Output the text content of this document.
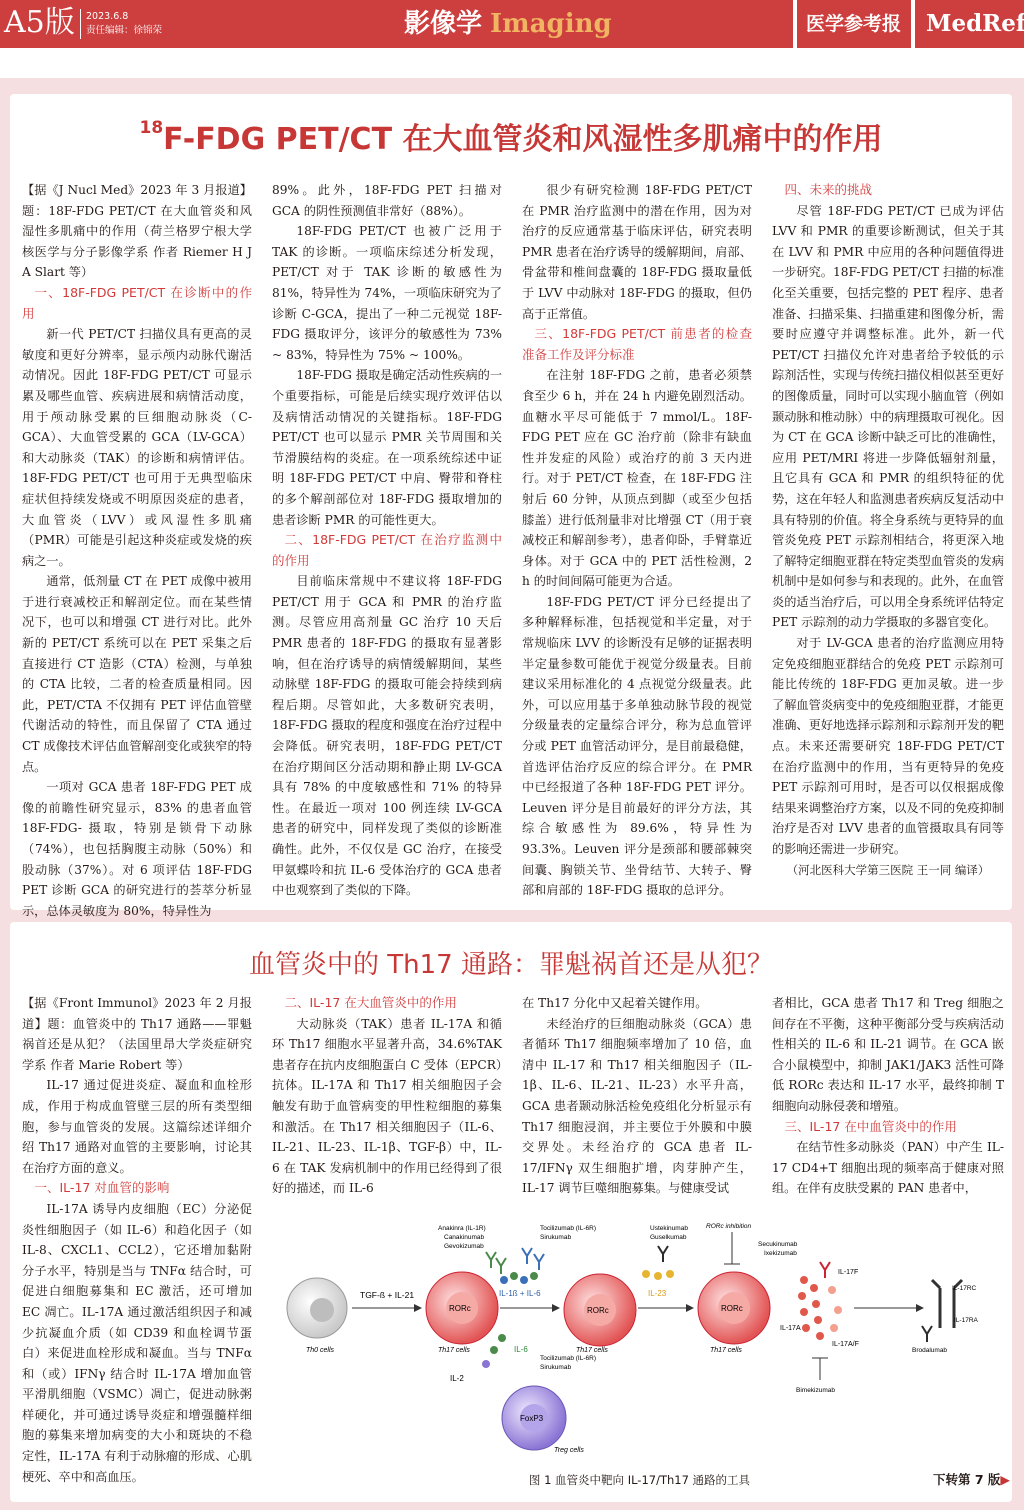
A5版 2023.6.8
责任编辑：徐锦荣	影像学 Imaging	医学参考报 MedRef
$^{18}$F-FDG PET/CT 在大血管炎和风湿性多肌痛中的作用

【据《J Nucl Med》2023 年 3 月报道】题：18F-FDG PET/CT 在大血管炎和风湿性多肌痛中的作用（荷兰格罗宁根大学核医学与分子影像学系 作者 Riemer H J A Slart 等）

一、18F-FDG PET/CT 在诊断中的作用

新一代 PET/CT 扫描仪具有更高的灵敏度和更好分辨率，显示颅内动脉代谢活动情况。因此 18F-FDG PET/CT 可显示累及哪些血管、疾病进展和病情活动度，用于颅动脉受累的巨细胞动脉炎（C-GCA）、大血管受累的 GCA（LV-GCA）和大动脉炎（TAK）的诊断和病情评估。18F-FDG PET/CT 也可用于无典型临床症状但持续发烧或不明原因炎症的患者，大血管炎（LVV）或风湿性多肌痛（PMR）可能是引起这种炎症或发烧的疾病之一。

通常，低剂量 CT 在 PET 成像中被用于进行衰减校正和解剖定位。而在某些情况下，也可以和增强 CT 进行对比。此外新的 PET/CT 系统可以在 PET 采集之后直接进行 CT 造影（CTA）检测，与单独的 CTA 比较，二者的检查质量相同。因此，PET/CTA 不仅拥有 PET 评估血管壁代谢活动的特性，而且保留了 CTA 通过 CT 成像技术评估血管解剖变化或狭窄的特点。

一项对 GCA 患者 18F-FDG PET 成像的前瞻性研究显示，83% 的患者血管 18F-FDG- 摄取，特别是锁骨下动脉（74%），也包括胸腹主动脉（50%）和股动脉（37%）。对 6 项评估 18F-FDG PET 诊断 GCA 的研究进行的荟萃分析显示，总体灵敏度为 80%，特异性为

89%。此外，18F-FDG PET 扫描对 GCA 的阴性预测值非常好（88%）。

18F-FDG PET/CT 也被广泛用于 TAK 的诊断。一项临床综述分析发现，PET/CT 对于 TAK 诊断的敏感性为 81%，特异性为 74%，一项临床研究为了诊断 C-GCA，提出了一种二元视觉 18F-FDG 摄取评分，该评分的敏感性为 73% ~ 83%，特异性为 75% ~ 100%。

18F-FDG 摄取是确定活动性疾病的一个重要指标，可能是后续实现疗效评估以及病情活动情况的关键指标。18F-FDG PET/CT 也可以显示 PMR 关节周围和关节滑膜结构的炎症。在一项系统综述中证明 18F-FDG PET/CT 中肩、臀带和脊柱的多个解剖部位对 18F-FDG 摄取增加的患者诊断 PMR 的可能性更大。

二、18F-FDG PET/CT 在治疗监测中的作用

目前临床常规中不建议将 18F-FDG PET/CT 用于 GCA 和 PMR 的治疗监测。尽管应用高剂量 GC 治疗 10 天后 PMR 患者的 18F-FDG 的摄取有显著影响，但在治疗诱导的病情缓解期间，某些动脉壁 18F-FDG 的摄取可能会持续到病程后期。尽管如此，大多数研究表明，18F-FDG 摄取的程度和强度在治疗过程中会降低。研究表明，18F-FDG PET/CT 在治疗期间区分活动期和静止期 LV-GCA 具有 78% 的中度敏感性和 71% 的特异性。在最近一项对 100 例连续 LV-GCA 患者的研究中，同样发现了类似的诊断准确性。此外，不仅仅是 GC 治疗，在接受甲氨蝶呤和抗 IL-6 受体治疗的 GCA 患者中也观察到了类似的下降。

很少有研究检测 18F-FDG PET/CT 在 PMR 治疗监测中的潜在作用，因为对治疗的反应通常基于临床评估，研究表明 PMR 患者在治疗诱导的缓解期间，肩部、骨盆带和椎间盘囊的 18F-FDG 摄取量低于 LVV 中动脉对 18F-FDG 的摄取，但仍高于正常值。

三、18F-FDG PET/CT 前患者的检查准备工作及评分标准

在注射 18F-FDG 之前，患者必须禁食至少 6 h，并在 24 h 内避免剧烈活动。血糖水平尽可能低于 7 mmol/L。18F-FDG PET 应在 GC 治疗前（除非有缺血性并发症的风险）或治疗的前 3 天内进行。对于 PET/CT 检查，在 18F-FDG 注射后 60 分钟，从顶点到脚（或至少包括膝盖）进行低剂量非对比增强 CT（用于衰减校正和解剖参考），患者仰卧，手臂靠近身体。对于 GCA 中的 PET 活性检测，2 h 的时间间隔可能更为合适。

18F-FDG PET/CT 评分已经提出了多种解释标准，包括视觉和半定量，对于常规临床 LVV 的诊断没有足够的证据表明半定量参数可能优于视觉分级量表。目前建议采用标准化的 4 点视觉分级量表。此外，可以应用基于多单独动脉节段的视觉分级量表的定量综合评分，称为总血管评分或 PET 血管活动评分，是目前最稳健，首选评估治疗反应的综合评分。在 PMR 中已经报道了各种 18F-FDG PET 评分。Leuven 评分是目前最好的评分方法，其综合敏感性为 89.6%，特异性为 93.3%。Leuven 评分是颈部和腰部棘突间囊、胸锁关节、坐骨结节、大转子、臀部和肩部的 18F-FDG 摄取的总评分。

四、未来的挑战

尽管 18F-FDG PET/CT 已成为评估 LVV 和 PMR 的重要诊断测试，但关于其在 LVV 和 PMR 中应用的各种问题值得进一步研究。18F-FDG PET/CT 扫描的标准化至关重要，包括完整的 PET 程序、患者准备、扫描采集、扫描重建和图像分析，需要时应遵守并调整标准。此外，新一代 PET/CT 扫描仪允许对患者给予较低的示踪剂活性，实现与传统扫描仪相似甚至更好的图像质量，同时可以实现小脑血管（例如颞动脉和椎动脉）中的病理摄取可视化。因为 CT 在 GCA 诊断中缺乏可比的准确性，应用 PET/MRI 将进一步降低辐射剂量，且它具有 GCA 和 PMR 的组织特征的优势，这在年轻人和监测患者疾病反复活动中具有特别的价值。将全身系统与更特异的血管炎免疫 PET 示踪剂相结合，将更深入地了解特定细胞亚群在特定类型血管炎的发病机制中是如何参与和表现的。此外，在血管炎的适当治疗后，可以用全身系统评估特定 PET 示踪剂的动力学摄取的多器官变化。

对于 LV-GCA 患者的治疗监测应用特定免疫细胞亚群结合的免疫 PET 示踪剂可能比传统的 18F-FDG 更加灵敏。进一步了解血管炎病变中的免疫细胞亚群，才能更准确、更好地选择示踪剂和示踪剂开发的靶点。未来还需要研究 18F-FDG PET/CT 在治疗监测中的作用，当有更特异的免疫 PET 示踪剂可用时，是否可以仅根据成像结果来调整治疗方案，以及不同的免疫抑制治疗是否对 LVV 患者的血管摄取具有同等的影响还需进一步研究。

（河北医科大学第三医院 王一同 编译）

血管炎中的 Th17 通路：罪魁祸首还是从犯？

【据《Front Immunol》2023 年 2 月报道】题：血管炎中的 Th17 通路——罪魁祸首还是从犯？（法国里昂大学炎症研究学系 作者 Marie Robert 等）

IL-17 通过促进炎症、凝血和血栓形成，作用于构成血管壁三层的所有类型细胞，参与血管炎的发展。这篇综述详细介绍 Th17 通路对血管的主要影响，讨论其在治疗方面的意义。

一、IL-17 对血管的影响

IL-17A 诱导内皮细胞（EC）分泌促炎性细胞因子（如 IL-6）和趋化因子（如 IL-8、CXCL1、CCL2），它还增加黏附分子水平，特别是当与 TNFα 结合时，可促进白细胞募集和 EC 激活，还可增加 EC 凋亡。IL-17A 通过激活组织因子和减少抗凝血介质（如 CD39 和血栓调节蛋白）来促进血栓形成和凝血。当与 TNFα 和（或）IFNγ 结合时 IL-17A 增加血管平滑肌细胞（VSMC）凋亡，促进动脉粥样硬化，并可通过诱导炎症和增强髓样细胞的募集来增加病变的大小和斑块的不稳定性，IL-17A 有利于动脉瘤的形成、心肌梗死、卒中和高血压。

二、IL-17 在大血管炎中的作用

大动脉炎（TAK）患者 IL-17A 和循环 Th17 细胞水平显著升高，34.6%TAK 患者存在抗内皮细胞蛋白 C 受体（EPCR）抗体。IL-17A 和 Th17 相关细胞因子会触发有助于血管病变的甲性粒细胞的募集和激活。在 Th17 相关细胞因子（IL-6、IL-21、IL-23、IL-1β、TGF-β）中，IL-6 在 TAK 发病机制中的作用已经得到了很好的描述，而 IL-6

在 Th17 分化中又起着关键作用。

未经治疗的巨细胞动脉炎（GCA）患者循环 Th17 细胞频率增加了 10 倍，血清中 IL-17 和 Th17 相关细胞因子（IL-1β、IL-6、IL-21、IL-23）水平升高，GCA 患者颞动脉活检免疫组化分析显示有 Th17 细胞浸润，并主要位于外膜和中膜交界处。未经治疗的 GCA 患者 IL-17/IFNγ 双生细胞扩增，肉芽肿产生，IL-17 调节巨噬细胞募集。与健康受试

者相比，GCA 患者 Th17 和 Treg 细胞之间存在不平衡，这种平衡部分受与疾病活动性相关的 IL-6 和 IL-21 调节。在 GCA 嵌合小鼠模型中，抑制 JAK1/JAK3 活性可降低 RORc 表达和 IL-17 水平，最终抑制 T 细胞向动脉侵袭和增殖。

三、IL-17 在中血管炎中的作用

在结节性多动脉炎（PAN）中产生 IL-17 CD4+T 细胞出现的频率高于健康对照组。在伴有皮肤受累的 PAN 患者中，

Th0 cells
TGF-ß + IL-21
RORc
Th17 cells
Anakinra (IL-1R)
Canakinumab
Gevokizumab
Tocilizumab (IL-6R)
Sirukumab
IL-1ß + IL-6
RORc
Th17 cells
IL-6
IL-2
Tocilizumab (IL-6R)
Sirukumab
FoxP3
Treg cells
Ustekinumab
Guselkumab
IL-23
RORc inhibition
RORc
Th17 cells
Secukinumab
Ixekizumab
IL-17F
IL-17A
IL-17A/F
Bimekizumab
IL-17RC
IL-17RA
Brodalumab
图 1 血管炎中靶向 IL-17/Th17 通路的工具	下转第 7 版▶
